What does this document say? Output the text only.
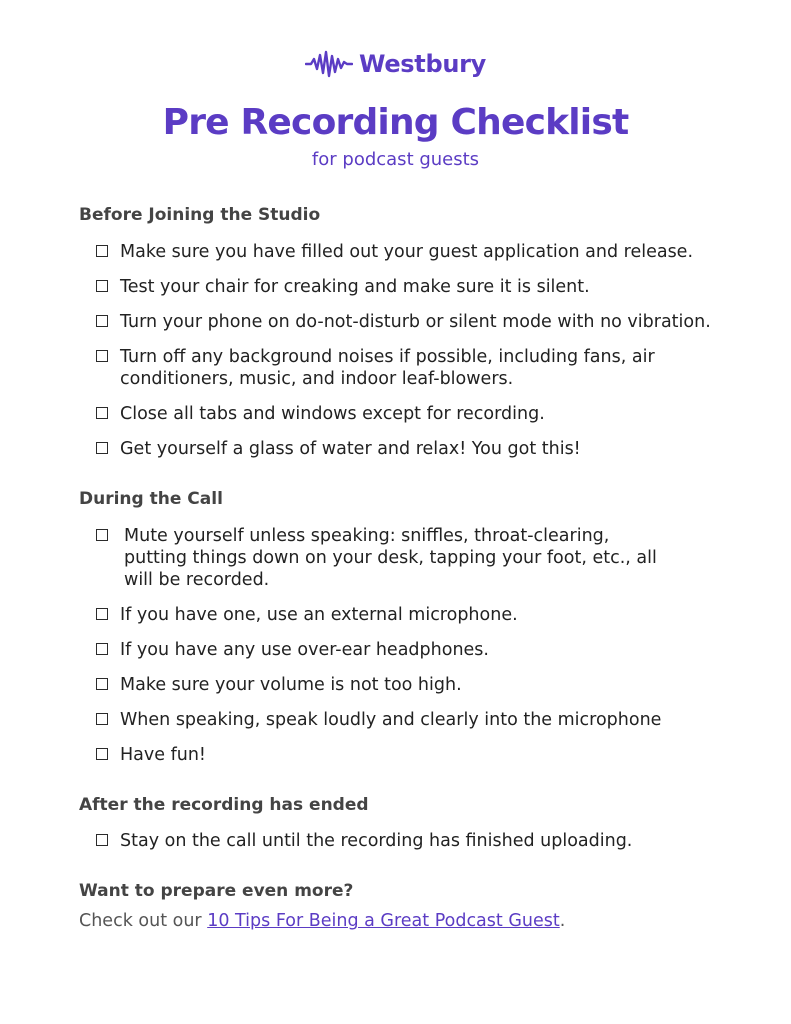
Westbury
Pre Recording Checklist

for podcast guests

Before Joining the Studio
Make sure you have filled out your guest application and release.
Test your chair for creaking and make sure it is silent.
Turn your phone on do-not-disturb or silent mode with no vibration.
Turn off any background noises if possible, including fans, air conditioners, music, and indoor leaf-blowers.
Close all tabs and windows except for recording.
Get yourself a glass of water and relax! You got this!
During the Call
Mute yourself unless speaking: sniffles, throat-clearing, putting things down on your desk, tapping your foot, etc., all will be recorded.
If you have one, use an external microphone.
If you have any use over-ear headphones.
Make sure your volume is not too high.
When speaking, speak loudly and clearly into the microphone
Have fun!
After the recording has ended
Stay on the call until the recording has finished uploading.
Want to prepare even more?

Check out our 10 Tips For Being a Great Podcast Guest.
